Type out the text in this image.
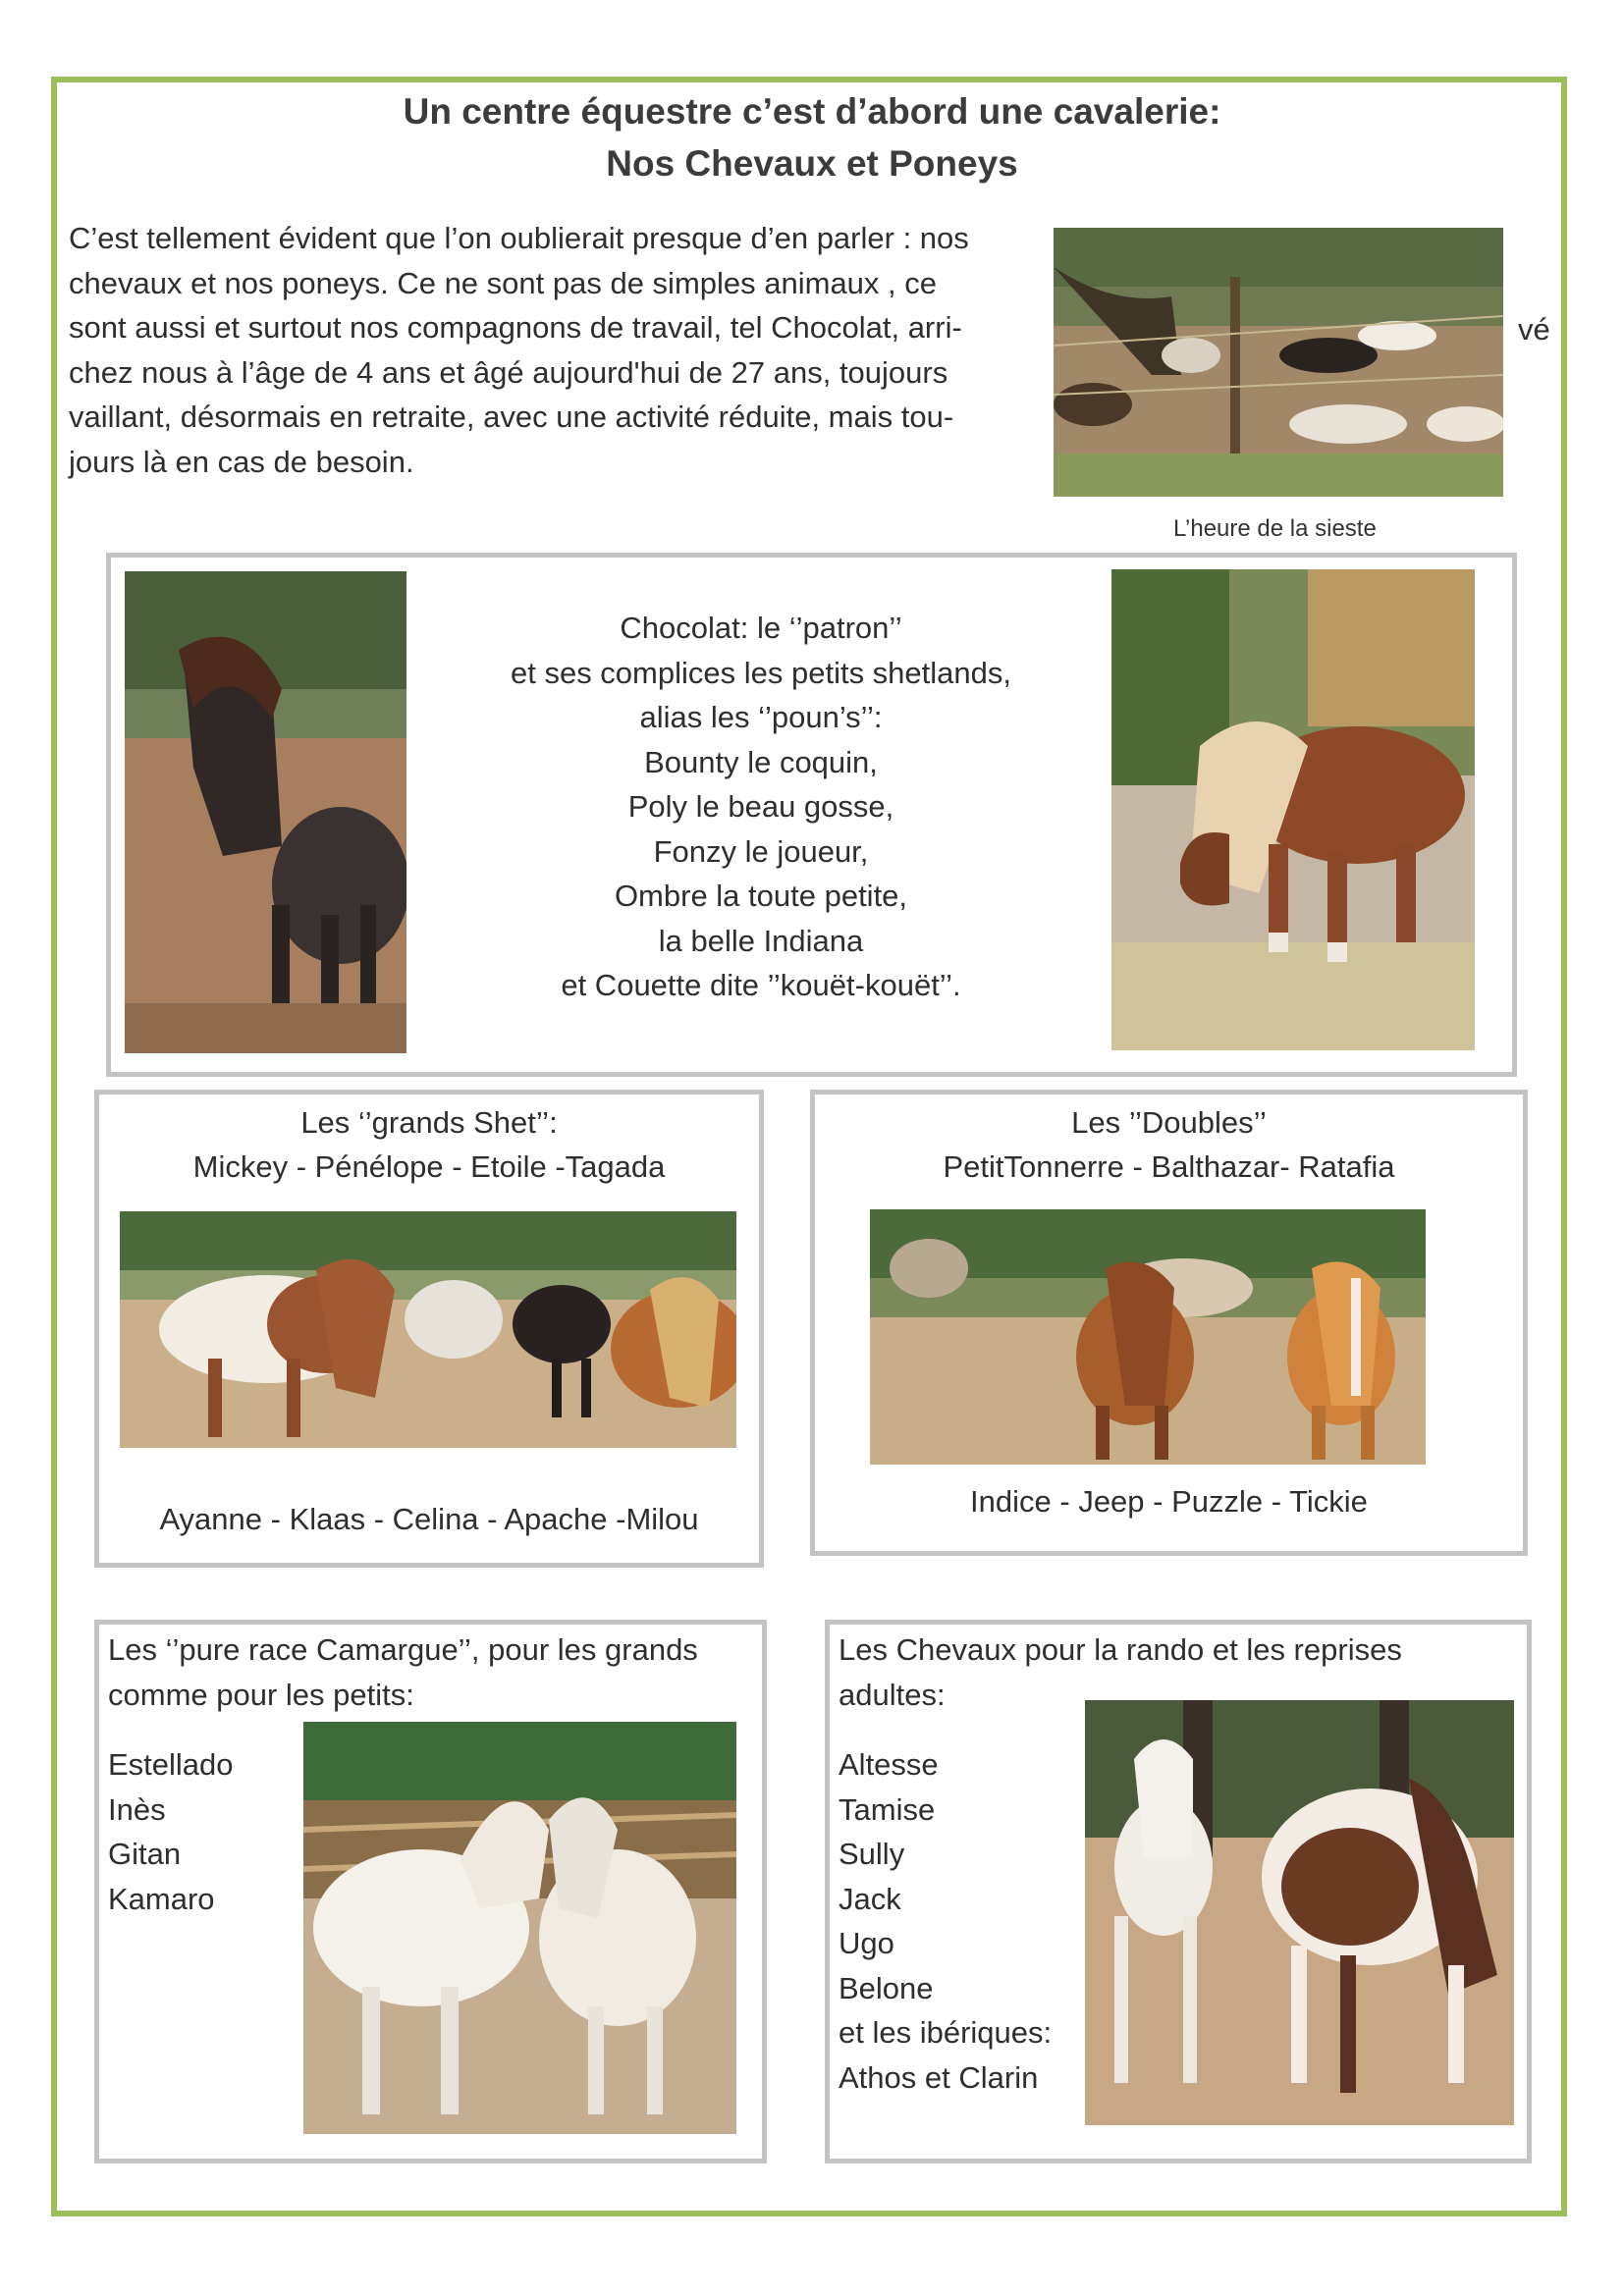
Un centre équestre c’est d’abord une cavalerie:
Nos Chevaux et Poneys
C’est tellement évident que l’on oublierait presque d’en parler : nos
chevaux et nos poneys. Ce ne sont pas de simples animaux , ce
sont aussi et surtout nos compagnons de travail, tel Chocolat, arri-
chez nous à l’âge de 4 ans et âgé aujourd'hui de 27 ans, toujours
vaillant, désormais en retraite, avec une activité réduite, mais tou-
jours là en cas de besoin.
vé
L’heure de la sieste
Chocolat: le ‘’patron’’
et ses complices les petits shetlands,
alias les ‘’poun’s’’:
Bounty le coquin,
Poly le beau gosse,
Fonzy le joueur,
Ombre la toute petite,
la belle Indiana
et Couette dite ’’kouët-kouët’’.
Les ‘’grands Shet’’:
Mickey - Pénélope - Etoile -Tagada
Ayanne - Klaas - Celina - Apache -Milou
Les ’’Doubles’’
PetitTonnerre - Balthazar- Ratafia
Indice - Jeep - Puzzle - Tickie
Les ‘’pure race Camargue’’, pour les grands
comme pour les petits:
Estellado
Inès
Gitan
Kamaro
Les Chevaux pour la rando et les reprises
adultes:
Altesse
Tamise
Sully
Jack
Ugo
Belone
et les ibériques:
Athos et Clarin
